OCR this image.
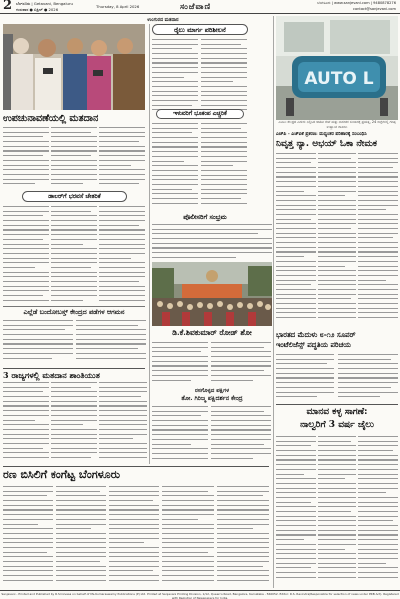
2 ಬೆಂಗಳೂರು | Getavani, Bengaluru
ಗುರುವಾರ ● ಏಪ್ರಿಲ್ ● 2026
Thursday, 8 April 2026	ಸಂಜೆವಾಣಿ	ಬೆಂಗಳೂರು | www.sanjevani.com | 9480878276
contact@sanjevani.com
ಉಂಗುರದ ಮತದಾನ
ಉಪಚುನಾವಣೆಯಲ್ಲಿ ಮತದಾನ
ಡಾಲರ್‌ಗೆ ಭರವಸೆ ಚೇತರಿಕೆ
ಎಲ್ಲೆಡೆ ಬಂದೋಬಸ್ತ್ ಕೇಂದ್ರದ ಪಡೆಗಳ ಆಗಮನ
3 ರಾಜ್ಯಗಳಲ್ಲಿ ಮತದಾನ ಶಾಂತಿಯುತ
ರೈಲು ಮಾರ್ಗ ಪರಿಶೀಲನೆ
ಇಳುವರಿಗೆ ಭೂಕಂಪ ಎಚ್ಚರಿಕೆ
ಪೊಲೀಸರಿಗೆ ಸಂಭ್ರಮ
ಡಿ.ಕೆ.ಶಿವಕುಮಾರ್ ರೋಡ್ ಶೋ
ರಸಗೊಳ್ಳದ ಪಕ್ಷಿಗಳ
ತೋ. ಗಿರಿಜ್ಮ ಪಕ್ಷಿದರ್ಶನ ಕೇಂದ್ರ
ರಣ ಬಿಸಿಲಿಗೆ ಕಂಗೆಟ್ಟ ಬೆಂಗಳೂರು
AUTO L
ಎಟಿಎಂ ಕೇಂದ್ರದ ಎದುರು ನಿಲ್ಲಿಸಿದ ಆಟೋ ಸೇವೆ ಮತ್ತು ನಾಗರಿಕರ ಸಂಚಾರಕ್ಕೆ ಪ್ರಯತ್ನ, 24 ಜಿಲ್ಲೆಗಳಲ್ಲಿ ಗರಿಷ್ಠ ಉಷ್ಣಾಂಶ ದಾಖಲು
ಎಚ್‌ಪಿ - ಎಚ್‌ಪಿಕೆ ಪ್ರಕರಣ: ಮಧ್ಯಂತರ ಪರಿಹಾರಕ್ಕೆ ಸಂಬಂಧಿಸಿ
ನಿವೃತ್ತ ನ್ಯಾ. ಅಭಯ್ ಓಕಾ ನೇಮಕ
ಭಾರತದ ಮೆದುಳು ೮-೧೨ ಸೂಪರ್
ಇಂಟೆಲಿಜೆನ್ಸ್ ಪದ್ಧತಿಯ ಪರಿಚಯ
ಮಾನವ ಕಳ್ಳ ಸಾಗಣೆ:
ನಾಲ್ವರಿಗೆ 3 ವರ್ಷ ಜೈಲು
Sanjevani - Printed and Published by R.Srinivasa on behalf of Ms.Kumaraswamy Publications (P) Ltd. Printed at Sanjevani Printing Division, 1/12, Queen's Road, Bangalore, Karnataka - 560052. Editor: R.S. Ravindra(Responsible for selection of news under PRB Act). Registered with Registrar of Newspapers for India.
